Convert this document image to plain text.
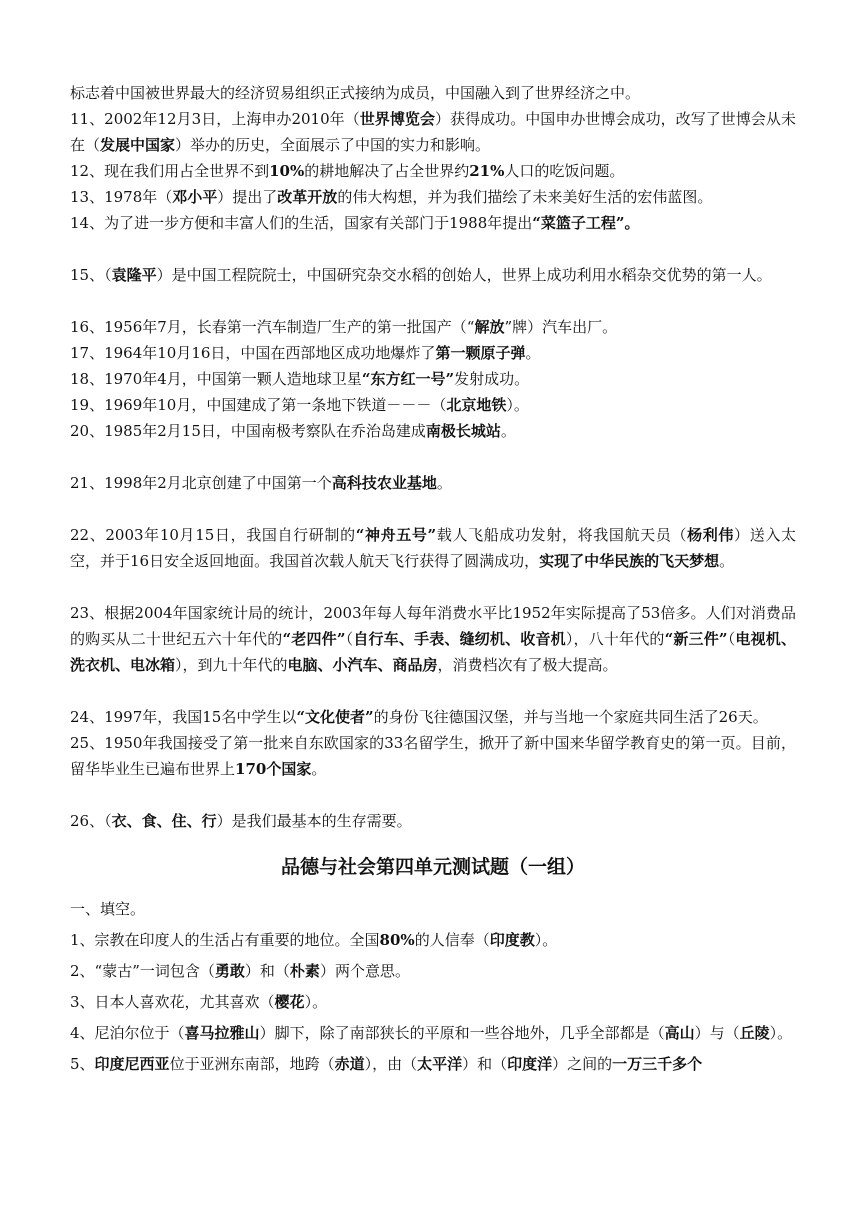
标志着中国被世界最大的经济贸易组织正式接纳为成员，中国融入到了世界经济之中。

11、2002年12月3日，上海申办2010年（世界博览会）获得成功。中国申办世博会成功，改写了世博会从未在（发展中国家）举办的历史，全面展示了中国的实力和影响。

12、现在我们用占全世界不到10%的耕地解决了占全世界约21%人口的吃饭问题。

13、1978年（邓小平）提出了改革开放的伟大构想，并为我们描绘了未来美好生活的宏伟蓝图。

14、为了进一步方便和丰富人们的生活，国家有关部门于1988年提出“菜篮子工程”。

15、（袁隆平）是中国工程院院士，中国研究杂交水稻的创始人，世界上成功利用水稻杂交优势的第一人。

16、1956年7月，长春第一汽车制造厂生产的第一批国产（“解放”牌）汽车出厂。

17、1964年10月16日，中国在西部地区成功地爆炸了第一颗原子弹。

18、1970年4月，中国第一颗人造地球卫星“东方红一号”发射成功。

19、1969年10月，中国建成了第一条地下铁道－－－（北京地铁）。

20、1985年2月15日，中国南极考察队在乔治岛建成南极长城站。

21、1998年2月北京创建了中国第一个高科技农业基地。

22、2003年10月15日，我国自行研制的“神舟五号”载人飞船成功发射，将我国航天员（杨利伟）送入太空，并于16日安全返回地面。我国首次载人航天飞行获得了圆满成功，实现了中华民族的飞天梦想。

23、根据2004年国家统计局的统计，2003年每人每年消费水平比1952年实际提高了53倍多。人们对消费品的购买从二十世纪五六十年代的“老四件”（自行车、手表、缝纫机、收音机），八十年代的“新三件”（电视机、洗衣机、电冰箱），到九十年代的电脑、小汽车、商品房，消费档次有了极大提高。

24、1997年，我国15名中学生以“文化使者”的身份飞往德国汉堡，并与当地一个家庭共同生活了26天。

25、1950年我国接受了第一批来自东欧国家的33名留学生，掀开了新中国来华留学教育史的第一页。目前，留华毕业生已遍布世界上170个国家。

26、（衣、食、住、行）是我们最基本的生存需要。

品德与社会第四单元测试题（一组）

一、填空。

1、宗教在印度人的生活占有重要的地位。全国80%的人信奉（印度教）。

2、“蒙古”一词包含（勇敢）和（朴素）两个意思。

3、日本人喜欢花，尤其喜欢（樱花）。

4、尼泊尔位于（喜马拉雅山）脚下，除了南部狭长的平原和一些谷地外，几乎全部都是（高山）与（丘陵）。

5、印度尼西亚位于亚洲东南部，地跨（赤道），由（太平洋）和（印度洋）之间的一万三千多个
